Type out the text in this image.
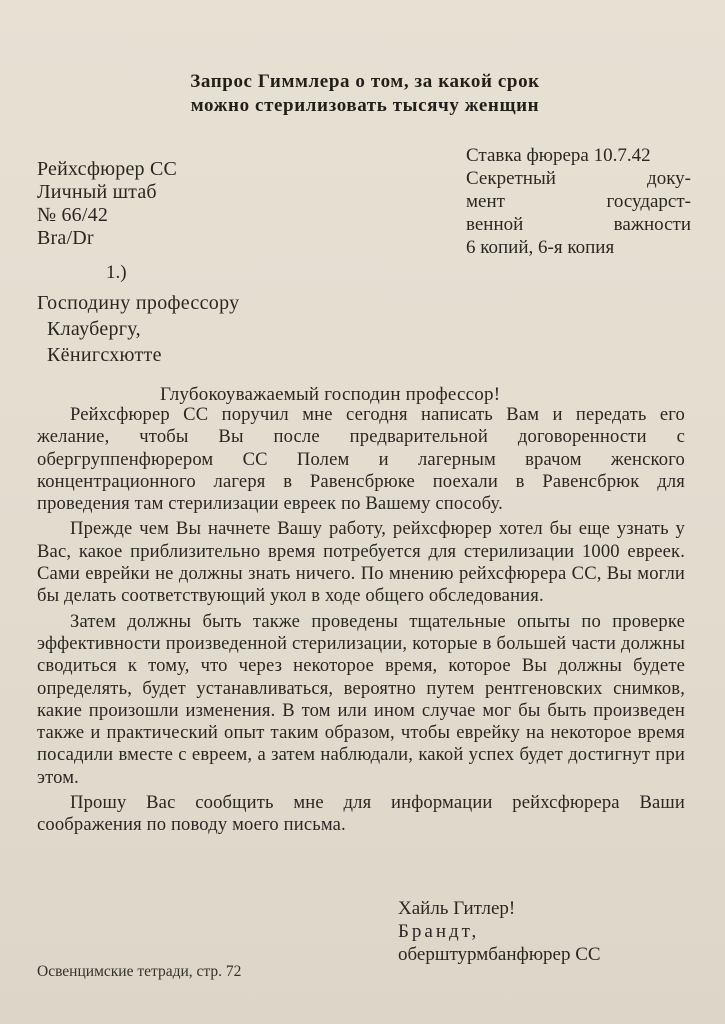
Запрос Гиммлера о том, за какой срок
можно стерилизовать тысячу женщин
Рейхсфюрер СС
Личный штаб
№ 66/42
Bra/Dr
Ставка фюрера 10.7.42
Секретный доку-
мент государст-
венной важности
6 копий, 6-я копия
1.)
Господину профессору
Клаубергу,
Кёнигсхютте
Глубокоуважаемый господин профессор!

Рейхсфюрер СС поручил мне сегодня написать Вам и передать его желание, чтобы Вы после предварительной договоренности с обергруппенфюрером СС Полем и лагерным врачом женского концентрационного лагеря в Равенсбрюке поехали в Равенсбрюк для проведения там стерилизации евреек по Вашему способу.

Прежде чем Вы начнете Вашу работу, рейхсфюрер хотел бы еще узнать у Вас, какое приблизительно время потребуется для стерилизации 1000 евреек. Сами еврейки не должны знать ничего. По мнению рейхсфюрера СС, Вы могли бы делать соответствующий укол в ходе общего обследования.

Затем должны быть также проведены тщательные опыты по проверке эффективности произведенной стерилизации, которые в большей части должны сводиться к тому, что через некоторое время, которое Вы должны будете определять, будет устанавливаться, вероятно путем рентгеновских снимков, какие произошли изменения. В том или ином случае мог бы быть произведен также и практический опыт таким образом, чтобы еврейку на некоторое время посадили вместе с евреем, а затем наблюдали, какой успех будет достигнут при этом.

Прошу Вас сообщить мне для информации рейхсфюрера Ваши соображения по поводу моего письма.

Хайль Гитлер!
Брандт,
оберштурмбанфюрер СС
Освенцимские тетради, стр. 72
